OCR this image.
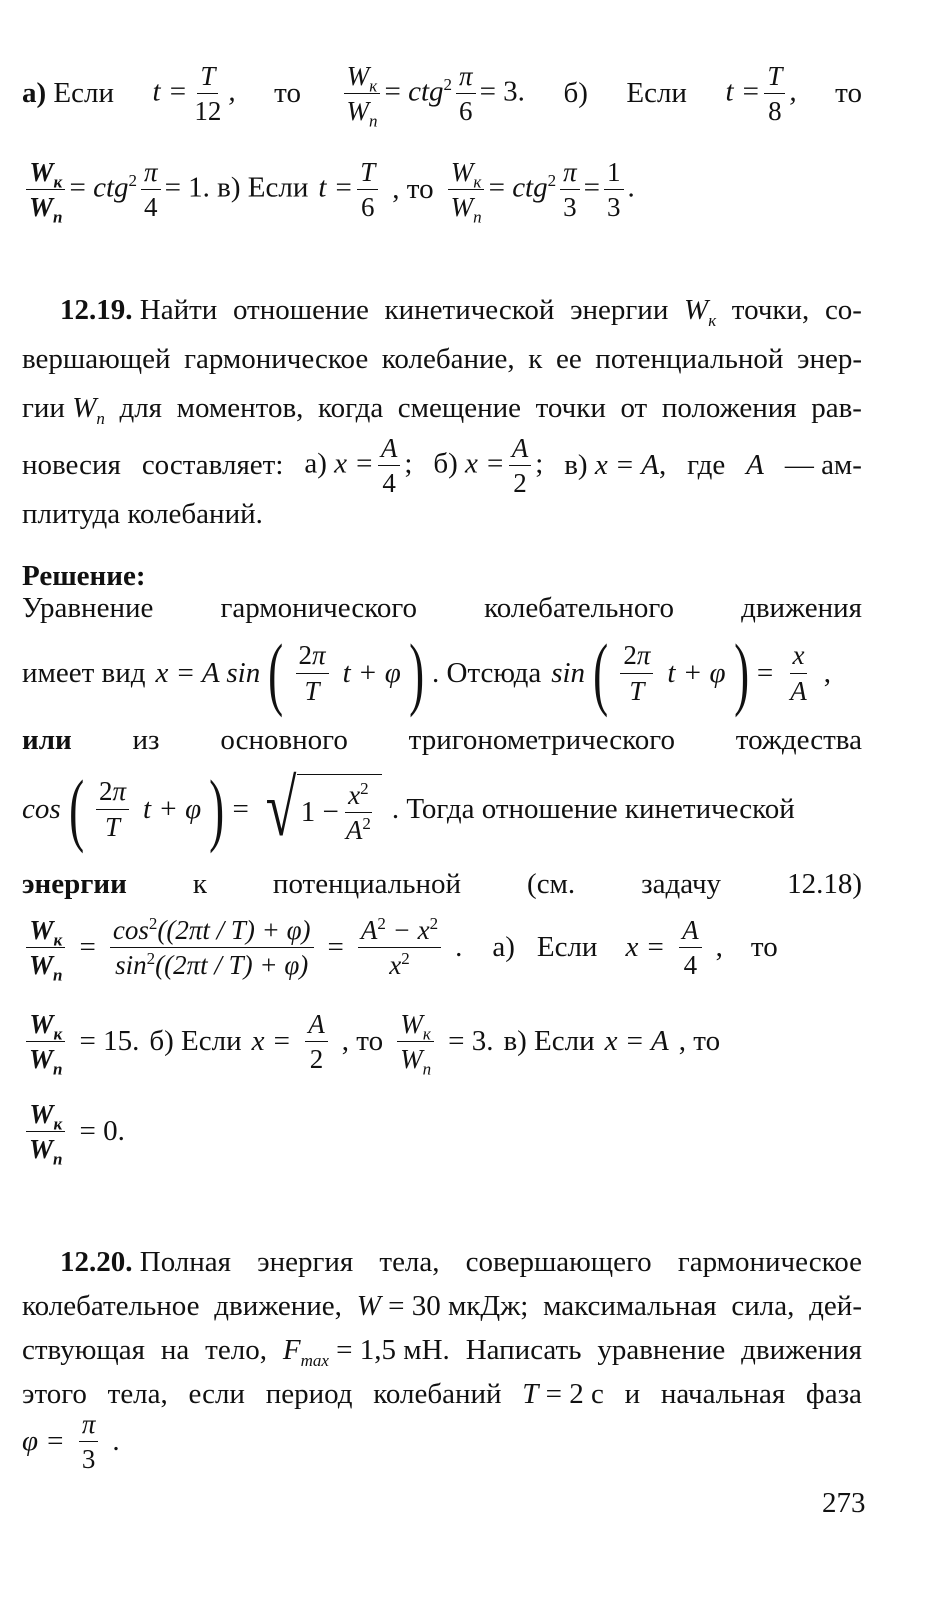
а) Если $t = \frac{T}{12}$ , то $\frac{W_к}{W_п} = ctg^2 \frac{\pi}{6} = 3$. б) Если $t = \frac{T}{8}$ , то
$\frac{W_к}{W_п} = ctg^2 \frac{\pi}{4} = 1$. в) Если $t = \frac{T}{6}$ , то $\frac{W_к}{W_п} = ctg^2 \frac{\pi}{3} = \frac{1}{3}$ .
12.19. Найти отношение кинетической энергии $W_к$ точки, со-
вершающей гармоническое колебание, к ее потенциальной энер-
гии $W_п$ для моментов, когда смещение точки от положения рав-
новесия составляет: а) $x = \frac{A}{4}$ ; б) $x = \frac{A}{2}$ ; в) x = A, где A — ам-
плитуда колебаний.
Решение:
Уравнение гармонического колебательного движения
имеет вид x = A sin ( $\frac{2\pi}{T}$ t + φ ) . Отсюда sin ( $\frac{2\pi}{T}$ t + φ ) = $\frac{x}{A}$ ,
или из основного тригонометрического тождества
cos ( $\frac{2\pi}{T}$ t + φ ) = √ $1 - \frac{x^2}{A^2}$ . Тогда отношение кинетической
энергии к потенциальной (см. задачу 12.18)
$\frac{W_к}{W_п} = \frac{\cos^2((2\pi t / T) + \varphi)}{\sin^2((2\pi t / T) + \varphi)} = \frac{A^2 - x^2}{x^2}$ . а) Если $x = \frac{A}{4}$ , то
$\frac{W_к}{W_п} = 15$. б) Если $x = \frac{A}{2}$ , то $\frac{W_к}{W_п} = 3$. в) Если x = A , то
$\frac{W_к}{W_п} = 0$.
12.20. Полная энергия тела, совершающего гармоническое
колебательное движение, W = 30 мкДж; максимальная сила, дей-
ствующая на тело, $F_{max} = 1,5$ мН. Написать уравнение движения
этого тела, если период колебаний T = 2 с и начальная фаза
$\varphi = \frac{\pi}{3}$ .
273
